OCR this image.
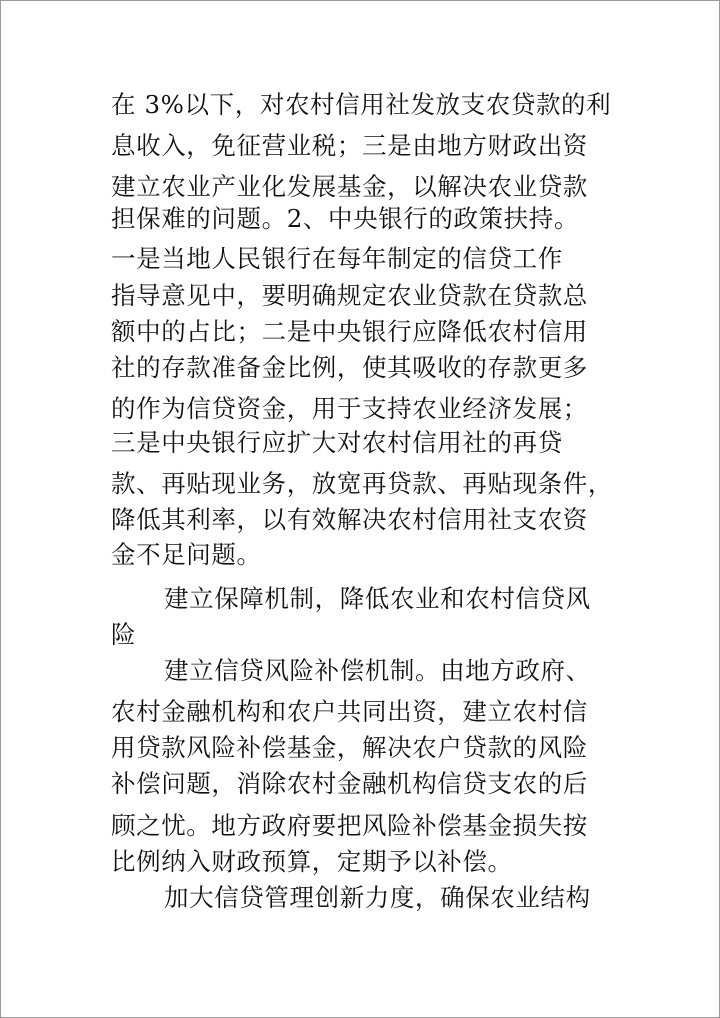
在 3%以下，对农村信用社发放支农贷款的利
息收入，免征营业税；三是由地方财政出资
建立农业产业化发展基金，以解决农业贷款
担保难的问题。2、中央银行的政策扶持。
一是当地人民银行在每年制定的信贷工作
指导意见中，要明确规定农业贷款在贷款总
额中的占比；二是中央银行应降低农村信用
社的存款准备金比例，使其吸收的存款更多
的作为信贷资金，用于支持农业经济发展；
三是中央银行应扩大对农村信用社的再贷
款、再贴现业务，放宽再贷款、再贴现条件，
降低其利率，以有效解决农村信用社支农资
金不足问题。
建立保障机制，降低农业和农村信贷风
险
建立信贷风险补偿机制。由地方政府、
农村金融机构和农户共同出资，建立农村信
用贷款风险补偿基金，解决农户贷款的风险
补偿问题，消除农村金融机构信贷支农的后
顾之忧。地方政府要把风险补偿基金损失按
比例纳入财政预算，定期予以补偿。
加大信贷管理创新力度，确保农业结构
